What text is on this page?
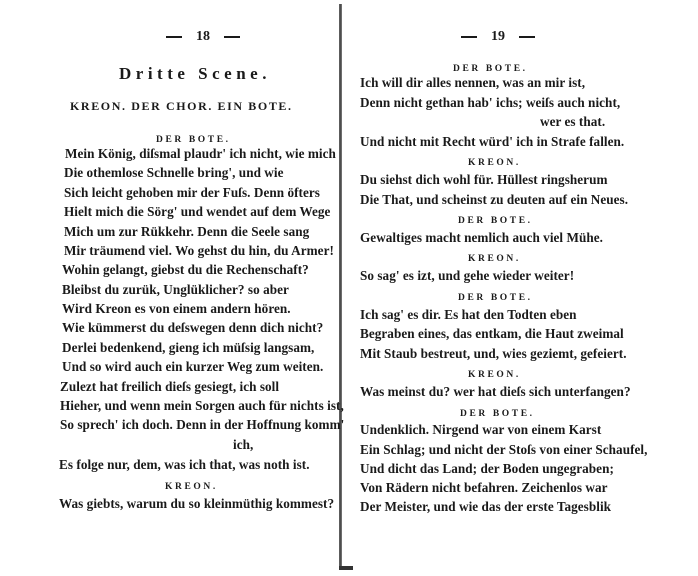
18
Dritte Scene.
KREON. DER CHOR. EIN BOTE.
DER BOTE.
Mein König, diſsmal plaudr' ich nicht, wie mich
Die othemlose Schnelle bring', und wie
Sich leicht gehoben mir der Fuſs. Denn öfters
Hielt mich die Sörg' und wendet auf dem Wege
Mich um zur Rükkehr. Denn die Seele sang
Mir träumend viel. Wo gehst du hin, du Armer!
Wohin gelangt, giebst du die Rechenschaft?
Bleibst du zurük, Unglüklicher? so aber
Wird Kreon es von einem andern hören.
Wie kümmerst du deſswegen denn dich nicht?
Derlei bedenkend, gieng ich müſsig langsam,
Und so wird auch ein kurzer Weg zum weiten.
Zulezt hat freilich dieſs gesiegt, ich soll
Hieher, und wenn mein Sorgen auch für nichts ist,
So sprech' ich doch. Denn in der Hoffnung komm'
ich,
Es folge nur, dem, was ich that, was noth ist.
KREON.
Was giebts, warum du so kleinmüthig kommest?
19
DER BOTE.
Ich will dir alles nennen, was an mir ist,
Denn nicht gethan hab' ichs; weiſs auch nicht,
wer es that.
Und nicht mit Recht würd' ich in Strafe fallen.
KREON.
Du siehst dich wohl für. Hüllest ringsherum
Die That, und scheinst zu deuten auf ein Neues.
DER BOTE.
Gewaltiges macht nemlich auch viel Mühe.
KREON.
So sag' es izt, und gehe wieder weiter!
DER BOTE.
Ich sag' es dir. Es hat den Todten eben
Begraben eines, das entkam, die Haut zweimal
Mit Staub bestreut, und, wies geziemt, gefeiert.
KREON.
Was meinst du? wer hat dieſs sich unterfangen?
DER BOTE.
Undenklich. Nirgend war von einem Karst
Ein Schlag; und nicht der Stoſs von einer Schaufel,
Und dicht das Land; der Boden ungegraben;
Von Rädern nicht befahren. Zeichenlos war
Der Meister, und wie das der erste Tagesblik
